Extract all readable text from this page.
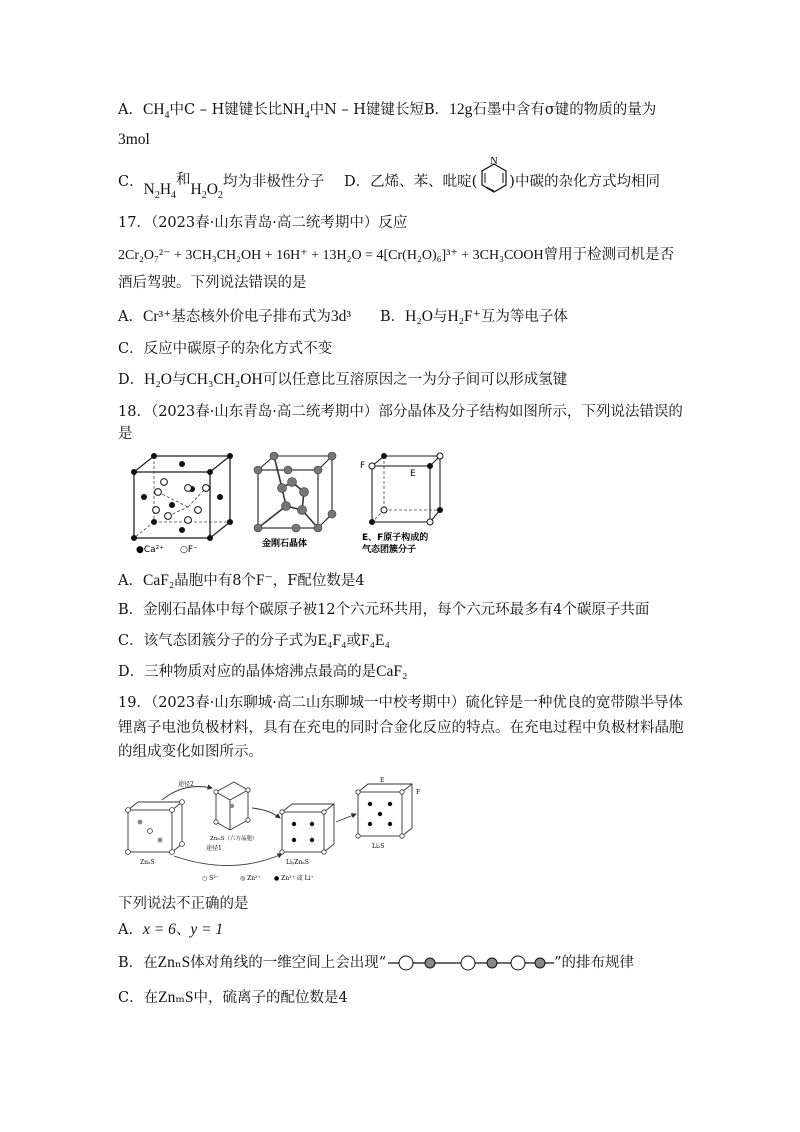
A．$CH_4$中C – H键键长比$NH_4$中N – H键键长短B．12g石墨中含有σ键的物质的量为
3mol
C．$N_2H_4$和$H_2O_2$均为非极性分子 D．乙烯、苯、吡啶( )中碳的杂化方式均相同
N
17．（2023春·山东青岛·高二统考期中）反应
2Cr₂O₇²⁻ + 3CH₃CH₂OH + 16H⁺ + 13H₂O = 4[Cr(H₂O)₆]³⁺ + 3CH₃COOH曾用于检测司机是否
酒后驾驶。下列说法错误的是
A．Cr³⁺基态核外价电子排布式为3d³ B．H₂O与H₂F⁺互为等电子体
C．反应中碳原子的杂化方式不变
D．H₂O与CH₃CH₂OH可以任意比互溶原因之一为分子间可以形成氢键
18．（2023春·山东青岛·高二统考期中）部分晶体及分子结构如图所示，下列说法错误的
是
●Ca²⁺ ○F⁻
金刚石晶体
F
E
E、F原子构成的
气态团簇分子
A．CaF₂晶胞中有8个F⁻，F配位数是4
B．金刚石晶体中每个碳原子被12个六元环共用，每个六元环最多有4个碳原子共面
C．该气态团簇分子的分子式为E₄F₄或F₄E₄
D．三种物质对应的晶体熔沸点最高的是CaF₂
19．（2023春·山东聊城·高二山东聊城一中校考期中）硫化锌是一种优良的宽带隙半导体
锂离子电池负极材料，具有在充电的同时合金化反应的特点。在充电过程中负极材料晶胞
的组成变化如图所示。
途径2
途径1
ZnₓS
ZnₘS（六方晶胞）
LiᵧZnₙS
Li₂S
E
F
○ S²⁻	◎ Zn²⁺ ● Zn²⁺ 或 Li⁺
下列说法不正确的是
A．x = 6、y = 1
B．在ZnₙS体对角线的一维空间上会出现“	”的排布规律
C．在ZnₘS中，硫离子的配位数是4
